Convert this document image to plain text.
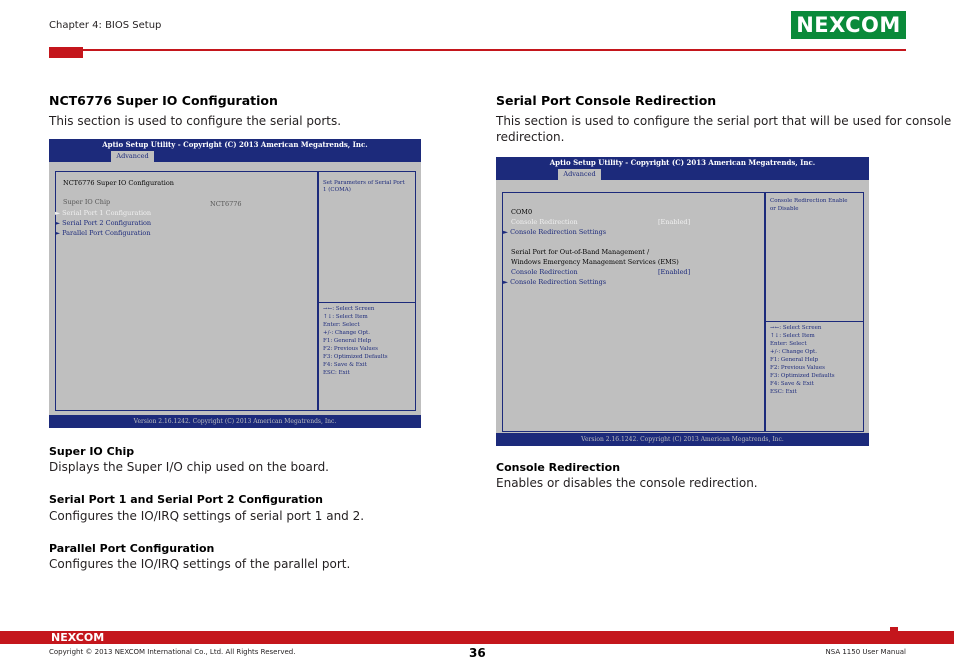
Chapter 4: BIOS Setup	NEXCOM
NCT6776 Super IO Configuration
This section is used to configure the serial ports.
Aptio Setup Utility - Copyright (C) 2013 American Megatrends, Inc.
Advanced
NCT6776 Super IO Configuration
Super IO Chip	NCT6776
► Serial Port 1 Configuration
► Serial Port 2 Configuration
► Parallel Port Configuration
Set Parameters of Serial Port
1 (COMA)
→←: Select Screen
↑↓: Select Item
Enter: Select
+/-: Change Opt.
F1: General Help
F2: Previous Values
F3: Optimized Defaults
F4: Save & Exit
ESC: Exit
Version 2.16.1242. Copyright (C) 2013 American Megatrends, Inc.
Super IO Chip
Displays the Super I/O chip used on the board.
Serial Port 1 and Serial Port 2 Configuration
Configures the IO/IRQ settings of serial port 1 and 2.
Parallel Port Configuration
Configures the IO/IRQ settings of the parallel port.
Serial Port Console Redirection
This section is used to configure the serial port that will be used for console
redirection.
Aptio Setup Utility - Copyright (C) 2013 American Megatrends, Inc.
Advanced
COM0
Console Redirection	[Enabled]
► Console Redirection Settings
Serial Port for Out-of-Band Management /
Windows Emergency Management Services (EMS)
Console Redirection	[Enabled]
► Console Redirection Settings
Console Redirection Enable
or Disable
→←: Select Screen
↑↓: Select Item
Enter: Select
+/-: Change Opt.
F1: General Help
F2: Previous Values
F3: Optimized Defaults
F4: Save & Exit
ESC: Exit
Version 2.16.1242. Copyright (C) 2013 American Megatrends, Inc.
Console Redirection
Enables or disables the console redirection.
NEXCOM
Copyright © 2013 NEXCOM International Co., Ltd. All Rights Reserved.	36	NSA 1150 User Manual
